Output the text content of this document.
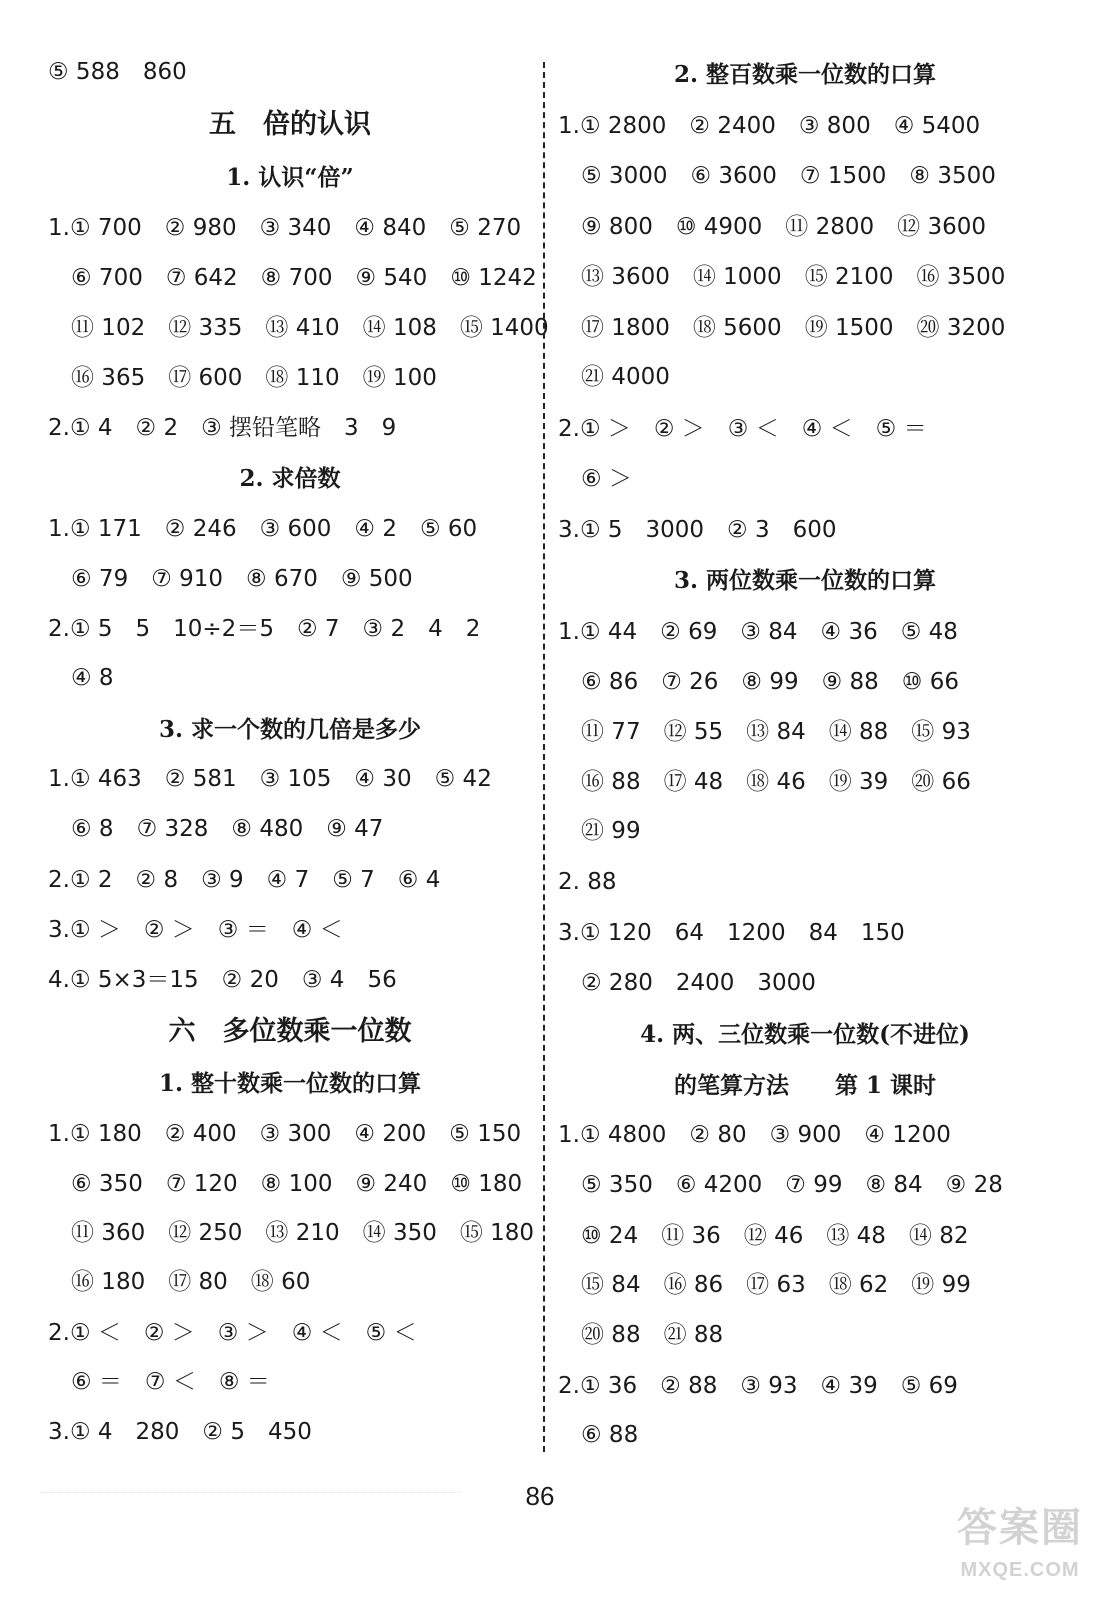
⑤ 588　860
五　倍的认识
1. 认识“倍”
1.① 700　② 980　③ 340　④ 840　⑤ 270
　⑥ 700　⑦ 642　⑧ 700　⑨ 540　⑩ 1242
　⑪ 102　⑫ 335　⑬ 410　⑭ 108　⑮ 1400
　⑯ 365　⑰ 600　⑱ 110　⑲ 100
2.① 4　② 2　③ 摆铅笔略　3　9
2. 求倍数
1.① 171　② 246　③ 600　④ 2　⑤ 60
　⑥ 79　⑦ 910　⑧ 670　⑨ 500
2.① 5　5　10÷2＝5　② 7　③ 2　4　2
　④ 8
3. 求一个数的几倍是多少
1.① 463　② 581　③ 105　④ 30　⑤ 42
　⑥ 8　⑦ 328　⑧ 480　⑨ 47
2.① 2　② 8　③ 9　④ 7　⑤ 7　⑥ 4
3.① ＞　② ＞　③ ＝　④ ＜
4.① 5×3＝15　② 20　③ 4　56
六　多位数乘一位数
1. 整十数乘一位数的口算
1.① 180　② 400　③ 300　④ 200　⑤ 150
　⑥ 350　⑦ 120　⑧ 100　⑨ 240　⑩ 180
　⑪ 360　⑫ 250　⑬ 210　⑭ 350　⑮ 180
　⑯ 180　⑰ 80　⑱ 60
2.① ＜　② ＞　③ ＞　④ ＜　⑤ ＜
　⑥ ＝　⑦ ＜　⑧ ＝
3.① 4　280　② 5　450
2. 整百数乘一位数的口算
1.① 2800　② 2400　③ 800　④ 5400
　⑤ 3000　⑥ 3600　⑦ 1500　⑧ 3500
　⑨ 800　⑩ 4900　⑪ 2800　⑫ 3600
　⑬ 3600　⑭ 1000　⑮ 2100　⑯ 3500
　⑰ 1800　⑱ 5600　⑲ 1500　⑳ 3200
　㉑ 4000
2.① ＞　② ＞　③ ＜　④ ＜　⑤ ＝
　⑥ ＞
3.① 5　3000　② 3　600
3. 两位数乘一位数的口算
1.① 44　② 69　③ 84　④ 36　⑤ 48
　⑥ 86　⑦ 26　⑧ 99　⑨ 88　⑩ 66
　⑪ 77　⑫ 55　⑬ 84　⑭ 88　⑮ 93
　⑯ 88　⑰ 48　⑱ 46　⑲ 39　⑳ 66
　㉑ 99
2. 88
3.① 120　64　1200　84　150
　② 280　2400　3000
4. 两、三位数乘一位数(不进位)
的笔算方法　　第 1 课时
1.① 4800　② 80　③ 900　④ 1200
　⑤ 350　⑥ 4200　⑦ 99　⑧ 84　⑨ 28
　⑩ 24　⑪ 36　⑫ 46　⑬ 48　⑭ 82
　⑮ 84　⑯ 86　⑰ 63　⑱ 62　⑲ 99
　⑳ 88　㉑ 88
2.① 36　② 88　③ 93　④ 39　⑤ 69
　⑥ 88
86
答案圈
MXQE.COM
